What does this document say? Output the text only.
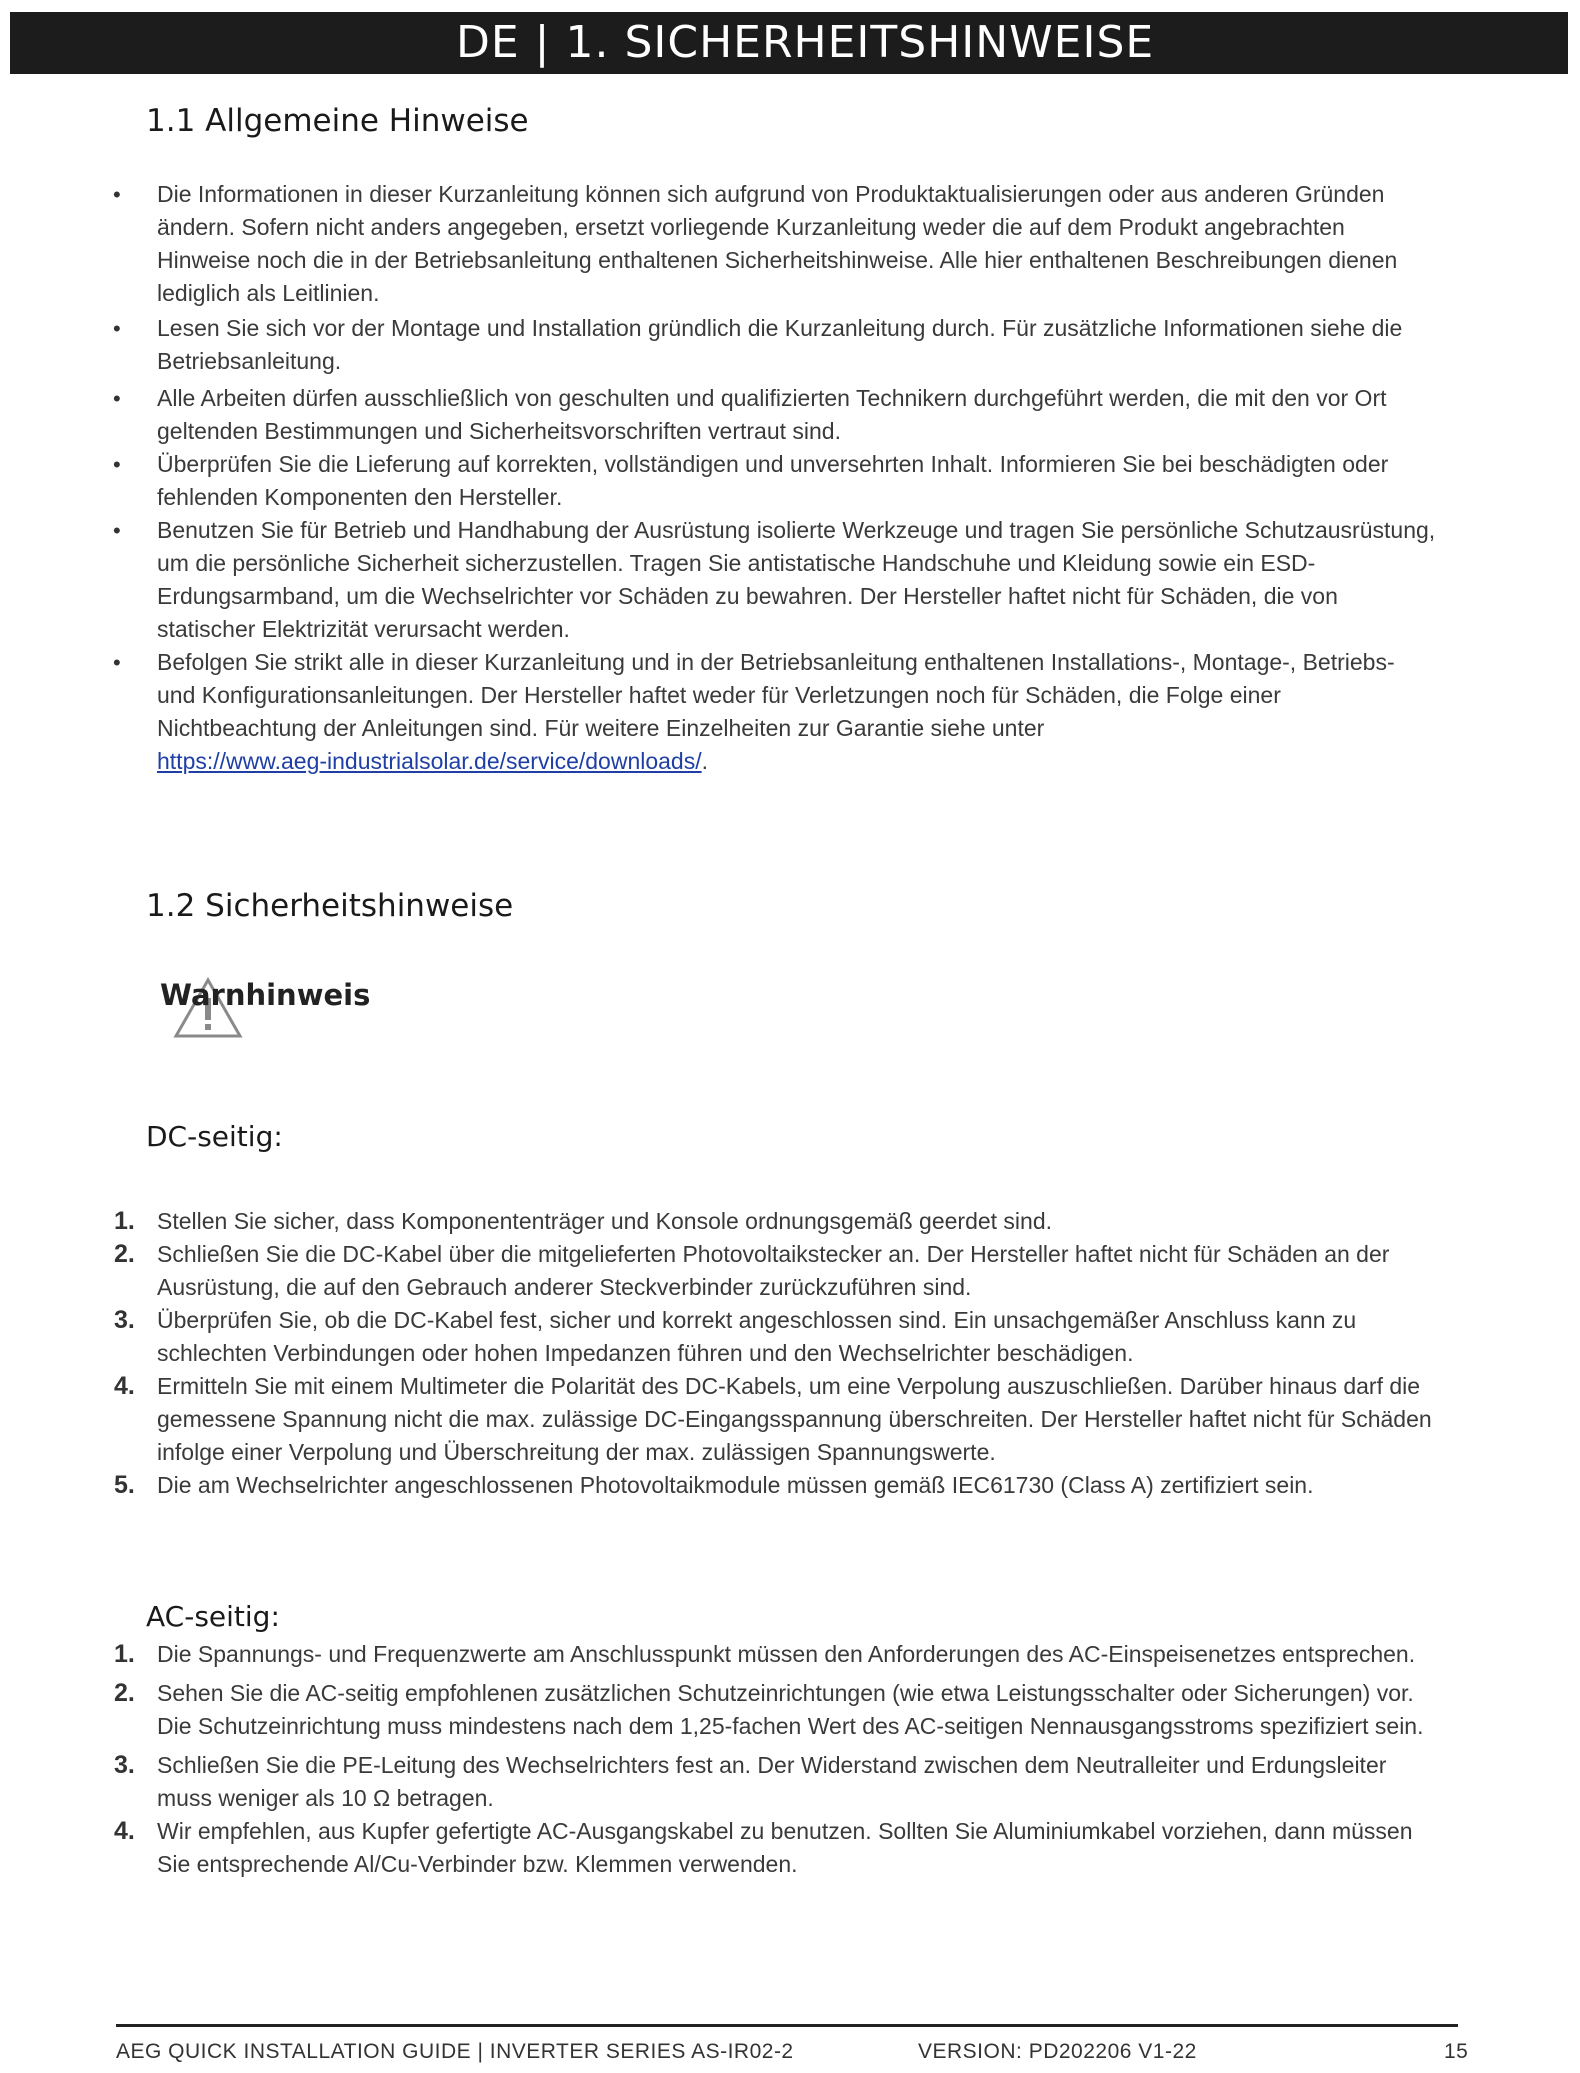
DE | 1. SICHERHEITSHINWEISE
1.1 Allgemeine Hinweise
• Die Informationen in dieser Kurzanleitung können sich aufgrund von Produktaktualisierungen oder aus anderen Gründen ändern. Sofern nicht anders angegeben, ersetzt vorliegende Kurzanleitung weder die auf dem Produkt angebrachten Hinweise noch die in der Betriebsanleitung enthaltenen Sicherheitshinweise. Alle hier enthaltenen Beschreibungen dienen lediglich als Leitlinien.
• Lesen Sie sich vor der Montage und Installation gründlich die Kurzanleitung durch. Für zusätzliche Informationen siehe die Betriebsanleitung.
• Alle Arbeiten dürfen ausschließlich von geschulten und qualifizierten Technikern durchgeführt werden, die mit den vor Ort geltenden Bestimmungen und Sicherheitsvorschriften vertraut sind.
• Überprüfen Sie die Lieferung auf korrekten, vollständigen und unversehrten Inhalt. Informieren Sie bei beschädigten oder fehlenden Komponenten den Hersteller.
• Benutzen Sie für Betrieb und Handhabung der Ausrüstung isolierte Werkzeuge und tragen Sie persönliche Schutzausrüstung, um die persönliche Sicherheit sicherzustellen. Tragen Sie antistatische Handschuhe und Kleidung sowie ein ESD-Erdungsarmband, um die Wechselrichter vor Schäden zu bewahren. Der Hersteller haftet nicht für Schäden, die von statischer Elektrizität verursacht werden.
• Befolgen Sie strikt alle in dieser Kurzanleitung und in der Betriebsanleitung enthaltenen Installations-, Montage-, Betriebs- und Konfigurationsanleitungen. Der Hersteller haftet weder für Verletzungen noch für Schäden, die Folge einer Nichtbeachtung der Anleitungen sind. Für weitere Einzelheiten zur Garantie siehe unter
https://www.aeg-industrialsolar.de/service/downloads/.
1.2 Sicherheitshinweise
Warnhinweis
DC-seitig:
1. Stellen Sie sicher, dass Komponententräger und Konsole ordnungsgemäß geerdet sind.
2. Schließen Sie die DC-Kabel über die mitgelieferten Photovoltaikstecker an. Der Hersteller haftet nicht für Schäden an der Ausrüstung, die auf den Gebrauch anderer Steckverbinder zurückzuführen sind.
3. Überprüfen Sie, ob die DC-Kabel fest, sicher und korrekt angeschlossen sind. Ein unsachgemäßer Anschluss kann zu schlechten Verbindungen oder hohen Impedanzen führen und den Wechselrichter beschädigen.
4. Ermitteln Sie mit einem Multimeter die Polarität des DC-Kabels, um eine Verpolung auszuschließen. Darüber hinaus darf die gemessene Spannung nicht die max. zulässige DC-Eingangsspannung überschreiten. Der Hersteller haftet nicht für Schäden infolge einer Verpolung und Überschreitung der max. zulässigen Spannungswerte.
5. Die am Wechselrichter angeschlossenen Photovoltaikmodule müssen gemäß IEC61730 (Class A) zertifiziert sein.
AC-seitig:
1. Die Spannungs- und Frequenzwerte am Anschlusspunkt müssen den Anforderungen des AC-Einspeisenetzes entsprechen.
2. Sehen Sie die AC-seitig empfohlenen zusätzlichen Schutzeinrichtungen (wie etwa Leistungsschalter oder Sicherungen) vor. Die Schutzeinrichtung muss mindestens nach dem 1,25-fachen Wert des AC-seitigen Nennausgangsstroms spezifiziert sein.
3. Schließen Sie die PE-Leitung des Wechselrichters fest an. Der Widerstand zwischen dem Neutralleiter und Erdungsleiter muss weniger als 10 Ω betragen.
4. Wir empfehlen, aus Kupfer gefertigte AC-Ausgangskabel zu benutzen. Sollten Sie Aluminiumkabel vorziehen, dann müssen Sie entsprechende Al/Cu-Verbinder bzw. Klemmen verwenden.
AEG QUICK INSTALLATION GUIDE | INVERTER SERIES AS-IR02-2	VERSION: PD202206 V1-22	15
